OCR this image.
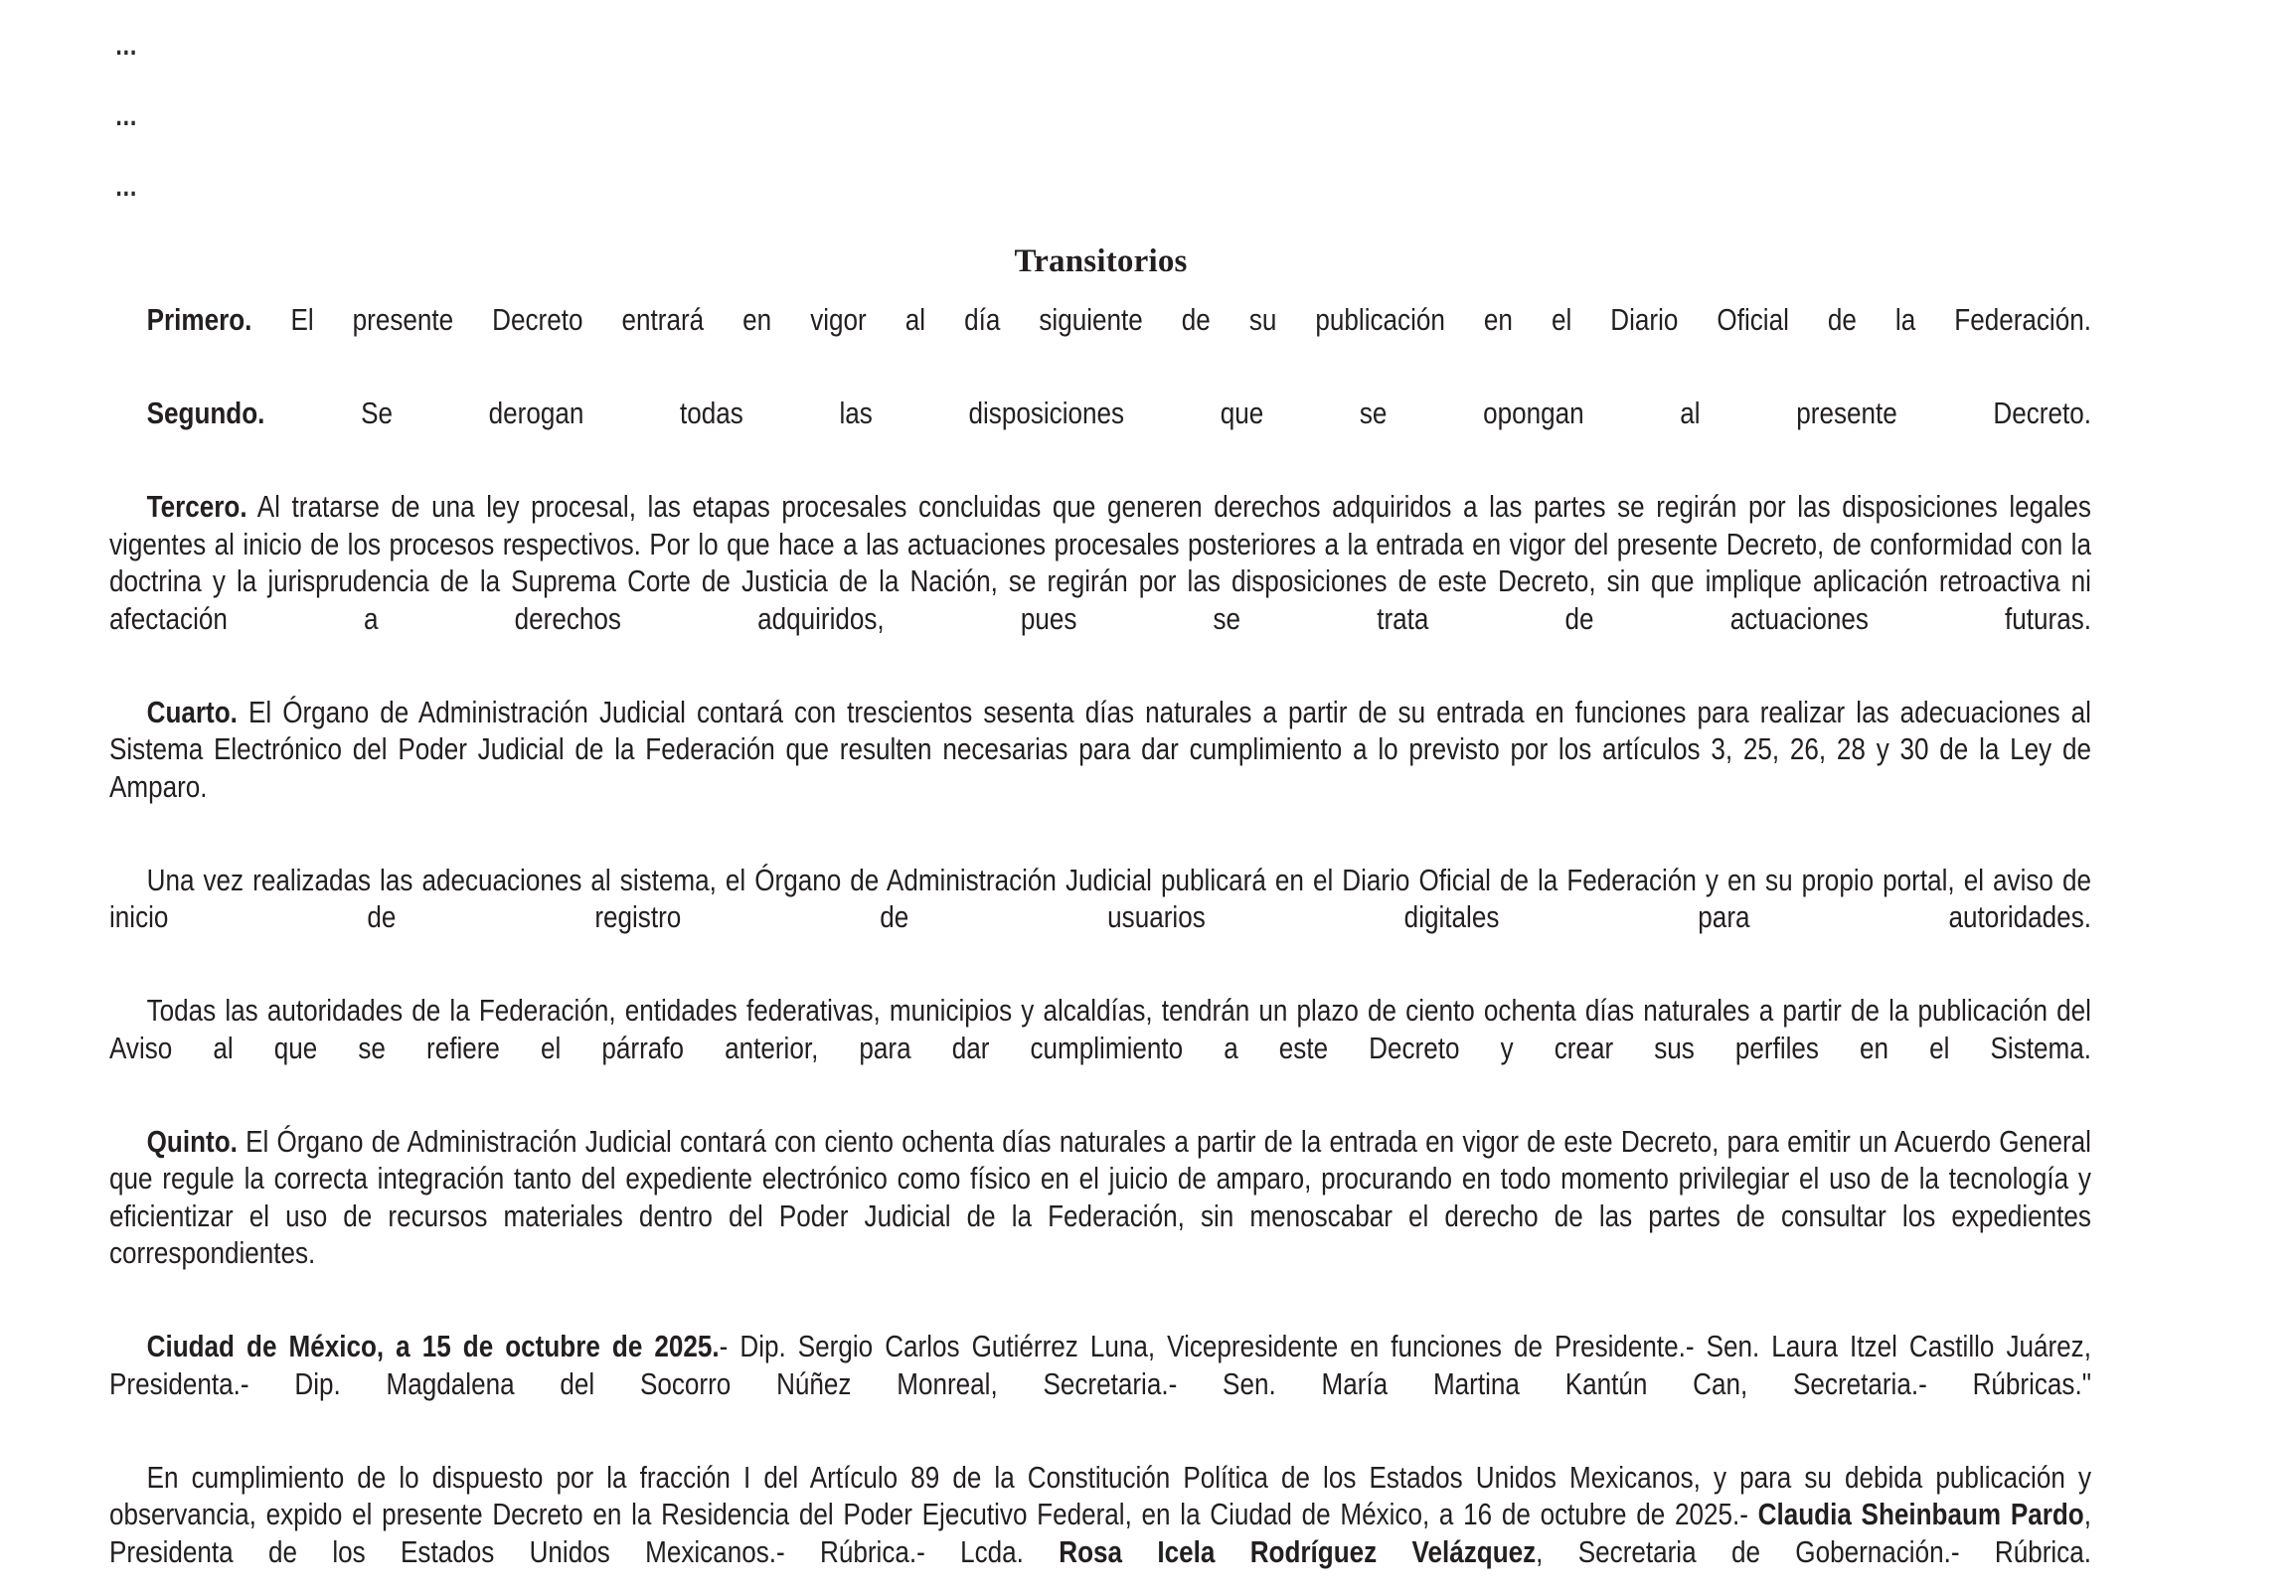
...
...
...
Transitorios

Primero. El presente Decreto entrará en vigor al día siguiente de su publicación en el Diario Oficial de la Federación.

Segundo. Se derogan todas las disposiciones que se opongan al presente Decreto.

Tercero. Al tratarse de una ley procesal, las etapas procesales concluidas que generen derechos adquiridos a las partes se regirán por las disposiciones legales vigentes al inicio de los procesos respectivos. Por lo que hace a las actuaciones procesales posteriores a la entrada en vigor del presente Decreto, de conformidad con la doctrina y la jurisprudencia de la Suprema Corte de Justicia de la Nación, se regirán por las disposiciones de este Decreto, sin que implique aplicación retroactiva ni afectación a derechos adquiridos, pues se trata de actuaciones futuras.

Cuarto. El Órgano de Administración Judicial contará con trescientos sesenta días naturales a partir de su entrada en funciones para realizar las adecuaciones al Sistema Electrónico del Poder Judicial de la Federación que resulten necesarias para dar cumplimiento a lo previsto por los artículos 3, 25, 26, 28 y 30 de la Ley de Amparo.

Una vez realizadas las adecuaciones al sistema, el Órgano de Administración Judicial publicará en el Diario Oficial de la Federación y en su propio portal, el aviso de inicio de registro de usuarios digitales para autoridades.

Todas las autoridades de la Federación, entidades federativas, municipios y alcaldías, tendrán un plazo de ciento ochenta días naturales a partir de la publicación del Aviso al que se refiere el párrafo anterior, para dar cumplimiento a este Decreto y crear sus perfiles en el Sistema.

Quinto. El Órgano de Administración Judicial contará con ciento ochenta días naturales a partir de la entrada en vigor de este Decreto, para emitir un Acuerdo General que regule la correcta integración tanto del expediente electrónico como físico en el juicio de amparo, procurando en todo momento privilegiar el uso de la tecnología y eficientizar el uso de recursos materiales dentro del Poder Judicial de la Federación, sin menoscabar el derecho de las partes de consultar los expedientes correspondientes.

Ciudad de México, a 15 de octubre de 2025.- Dip. Sergio Carlos Gutiérrez Luna, Vicepresidente en funciones de Presidente.- Sen. Laura Itzel Castillo Juárez, Presidenta.- Dip. Magdalena del Socorro Núñez Monreal, Secretaria.- Sen. María Martina Kantún Can, Secretaria.- Rúbricas."

En cumplimiento de lo dispuesto por la fracción I del Artículo 89 de la Constitución Política de los Estados Unidos Mexicanos, y para su debida publicación y observancia, expido el presente Decreto en la Residencia del Poder Ejecutivo Federal, en la Ciudad de México, a 16 de octubre de 2025.- Claudia Sheinbaum Pardo, Presidenta de los Estados Unidos Mexicanos.- Rúbrica.- Lcda. Rosa Icela Rodríguez Velázquez, Secretaria de Gobernación.- Rúbrica.
